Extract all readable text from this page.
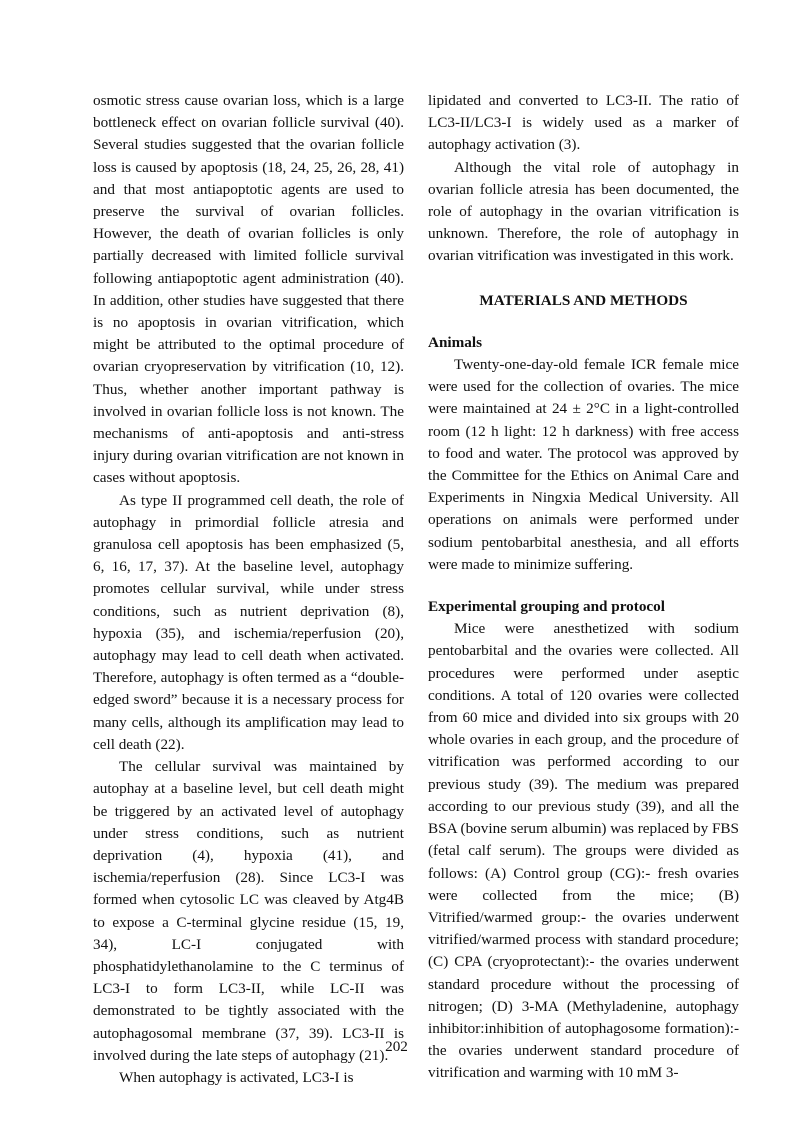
osmotic stress cause ovarian loss, which is a large bottleneck effect on ovarian follicle survival (40). Several studies suggested that the ovarian follicle loss is caused by apoptosis (18, 24, 25, 26, 28, 41) and that most antiapoptotic agents are used to preserve the survival of ovarian follicles. However, the death of ovarian follicles is only partially decreased with limited follicle survival following antiapoptotic agent administration (40). In addition, other studies have suggested that there is no apoptosis in ovarian vitrification, which might be attributed to the optimal procedure of ovarian cryopreservation by vitrification (10, 12). Thus, whether another important pathway is involved in ovarian follicle loss is not known. The mechanisms of anti-apoptosis and anti-stress injury during ovarian vitrification are not known in cases without apoptosis.

As type II programmed cell death, the role of autophagy in primordial follicle atresia and granulosa cell apoptosis has been emphasized (5, 6, 16, 17, 37). At the baseline level, autophagy promotes cellular survival, while under stress conditions, such as nutrient deprivation (8), hypoxia (35), and ischemia/reperfusion (20), autophagy may lead to cell death when activated. Therefore, autophagy is often termed as a “double-edged sword” because it is a necessary process for many cells, although its amplification may lead to cell death (22).

The cellular survival was maintained by autophay at a baseline level, but cell death might be triggered by an activated level of autophagy under stress conditions, such as nutrient deprivation (4), hypoxia (41), and ischemia/reperfusion (28). Since LC3-I was formed when cytosolic LC was cleaved by Atg4B to expose a C-terminal glycine residue (15, 19, 34), LC-I conjugated with phosphatidylethanolamine to the C terminus of LC3-I to form LC3-II, while LC-II was demonstrated to be tightly associated with the autophagosomal membrane (37, 39). LC3-II is involved during the late steps of autophagy (21).

When autophagy is activated, LC3-I is

lipidated and converted to LC3-II. The ratio of LC3-II/LC3-I is widely used as a marker of autophagy activation (3).

Although the vital role of autophagy in ovarian follicle atresia has been documented, the role of autophagy in the ovarian vitrification is unknown. Therefore, the role of autophagy in ovarian vitrification was investigated in this work.

MATERIALS AND METHODS

Animals

Twenty-one-day-old female ICR female mice were used for the collection of ovaries. The mice were maintained at 24 ± 2°C in a light-controlled room (12 h light: 12 h darkness) with free access to food and water. The protocol was approved by the Committee for the Ethics on Animal Care and Experiments in Ningxia Medical University. All operations on animals were performed under sodium pentobarbital anesthesia, and all efforts were made to minimize suffering.

Experimental grouping and protocol

Mice were anesthetized with sodium pentobarbital and the ovaries were collected. All procedures were performed under aseptic conditions. A total of 120 ovaries were collected from 60 mice and divided into six groups with 20 whole ovaries in each group, and the procedure of vitrification was performed according to our previous study (39). The medium was prepared according to our previous study (39), and all the BSA (bovine serum albumin) was replaced by FBS (fetal calf serum). The groups were divided as follows: (A) Control group (CG):- fresh ovaries were collected from the mice; (B) Vitrified/warmed group:- the ovaries underwent vitrified/warmed process with standard procedure; (C) CPA (cryoprotectant):- the ovaries underwent standard procedure without the processing of nitrogen; (D) 3-MA (Methyladenine, autophagy inhibitor:inhibition of autophagosome formation):- the ovaries underwent standard procedure of vitrification and warming with 10 mM 3-

202
